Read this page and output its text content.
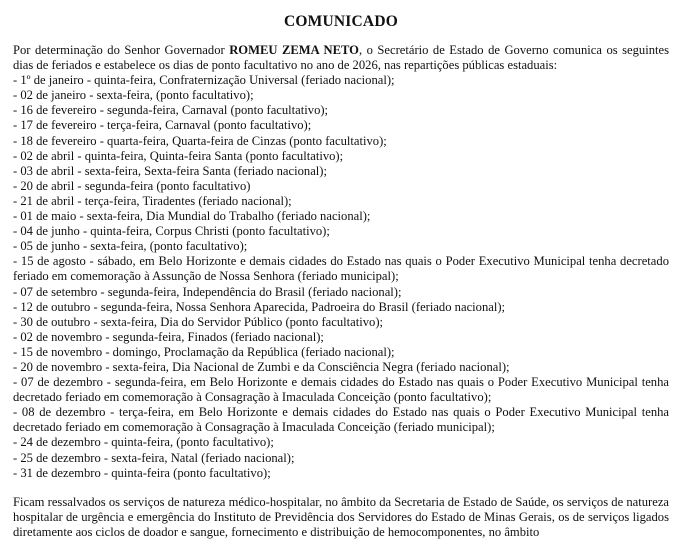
COMUNICADO

Por determinação do Senhor Governador ROMEU ZEMA NETO, o Secretário de Estado de Governo comunica os seguintes dias de feriados e estabelece os dias de ponto facultativo no ano de 2026, nas repartições públicas estaduais:

- 1º de janeiro - quinta-feira, Confraternização Universal (feriado nacional);
- 02 de janeiro - sexta-feira, (ponto facultativo);
- 16 de fevereiro - segunda-feira, Carnaval (ponto facultativo);
- 17 de fevereiro - terça-feira, Carnaval (ponto facultativo);
- 18 de fevereiro - quarta-feira, Quarta-feira de Cinzas (ponto facultativo);
- 02 de abril - quinta-feira, Quinta-feira Santa (ponto facultativo);
- 03 de abril - sexta-feira, Sexta-feira Santa (feriado nacional);
- 20 de abril - segunda-feira (ponto facultativo)
- 21 de abril - terça-feira, Tiradentes (feriado nacional);
- 01 de maio - sexta-feira, Dia Mundial do Trabalho (feriado nacional);
- 04 de junho - quinta-feira, Corpus Christi (ponto facultativo);
- 05 de junho - sexta-feira, (ponto facultativo);
- 15 de agosto - sábado, em Belo Horizonte e demais cidades do Estado nas quais o Poder Executivo Municipal tenha decretado feriado em comemoração à Assunção de Nossa Senhora (feriado municipal);
- 07 de setembro - segunda-feira, Independência do Brasil (feriado nacional);
- 12 de outubro - segunda-feira, Nossa Senhora Aparecida, Padroeira do Brasil (feriado nacional);
- 30 de outubro - sexta-feira, Dia do Servidor Público (ponto facultativo);
- 02 de novembro - segunda-feira, Finados (feriado nacional);
- 15 de novembro - domingo, Proclamação da República (feriado nacional);
- 20 de novembro - sexta-feira, Dia Nacional de Zumbi e da Consciência Negra (feriado nacional);
- 07 de dezembro - segunda-feira, em Belo Horizonte e demais cidades do Estado nas quais o Poder Executivo Municipal tenha decretado feriado em comemoração à Consagração à Imaculada Conceição (ponto facultativo);
- 08 de dezembro - terça-feira, em Belo Horizonte e demais cidades do Estado nas quais o Poder Executivo Municipal tenha decretado feriado em comemoração à Consagração à Imaculada Conceição (feriado municipal);
- 24 de dezembro - quinta-feira, (ponto facultativo);
- 25 de dezembro - sexta-feira, Natal (feriado nacional);
- 31 de dezembro - quinta-feira (ponto facultativo);

Ficam ressalvados os serviços de natureza médico-hospitalar, no âmbito da Secretaria de Estado de Saúde, os serviços de natureza hospitalar de urgência e emergência do Instituto de Previdência dos Servidores do Estado de Minas Gerais, os de serviços ligados diretamente aos ciclos de doador e sangue, fornecimento e distribuição de hemocomponentes, no âmbito
